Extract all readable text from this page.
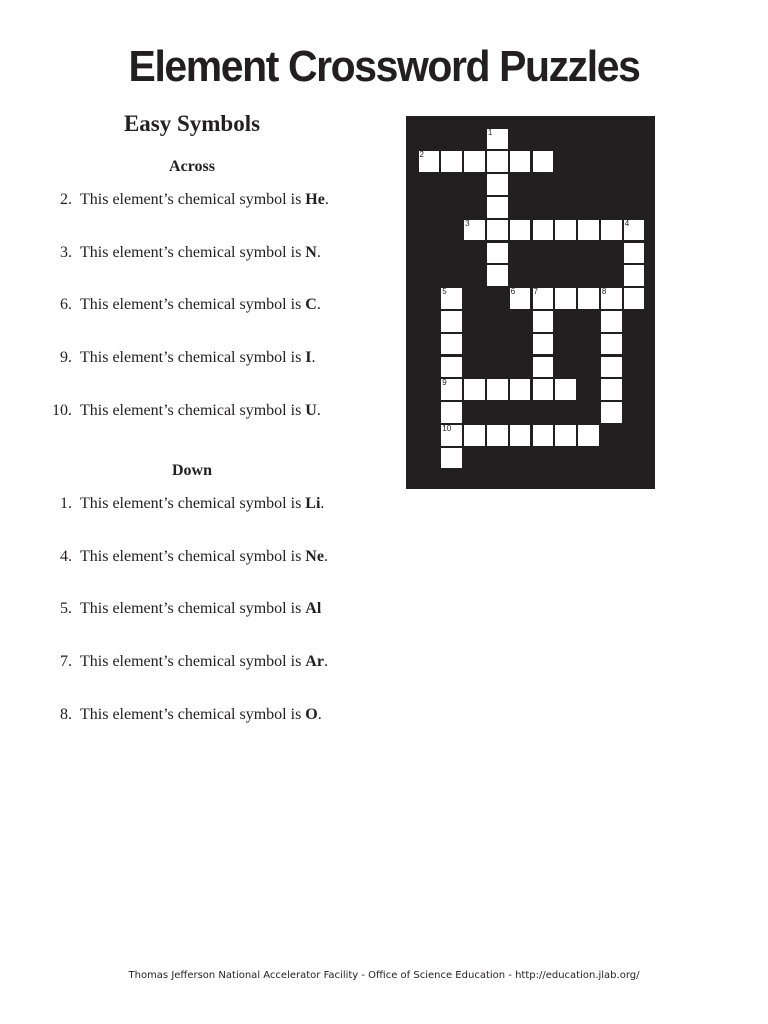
Element Crossword Puzzles
Easy Symbols
Across
2. This element’s chemical symbol is He.
3. This element’s chemical symbol is N.
6. This element’s chemical symbol is C.
9. This element’s chemical symbol is I.
10. This element’s chemical symbol is U.
Down
1. This element’s chemical symbol is Li.
4. This element’s chemical symbol is Ne.
5. This element’s chemical symbol is Al
7. This element’s chemical symbol is Ar.
8. This element’s chemical symbol is O.
1
2
3	4
5
9
10
6 7	8
Thomas Jefferson National Accelerator Facility - Office of Science Education - http://education.jlab.org/
